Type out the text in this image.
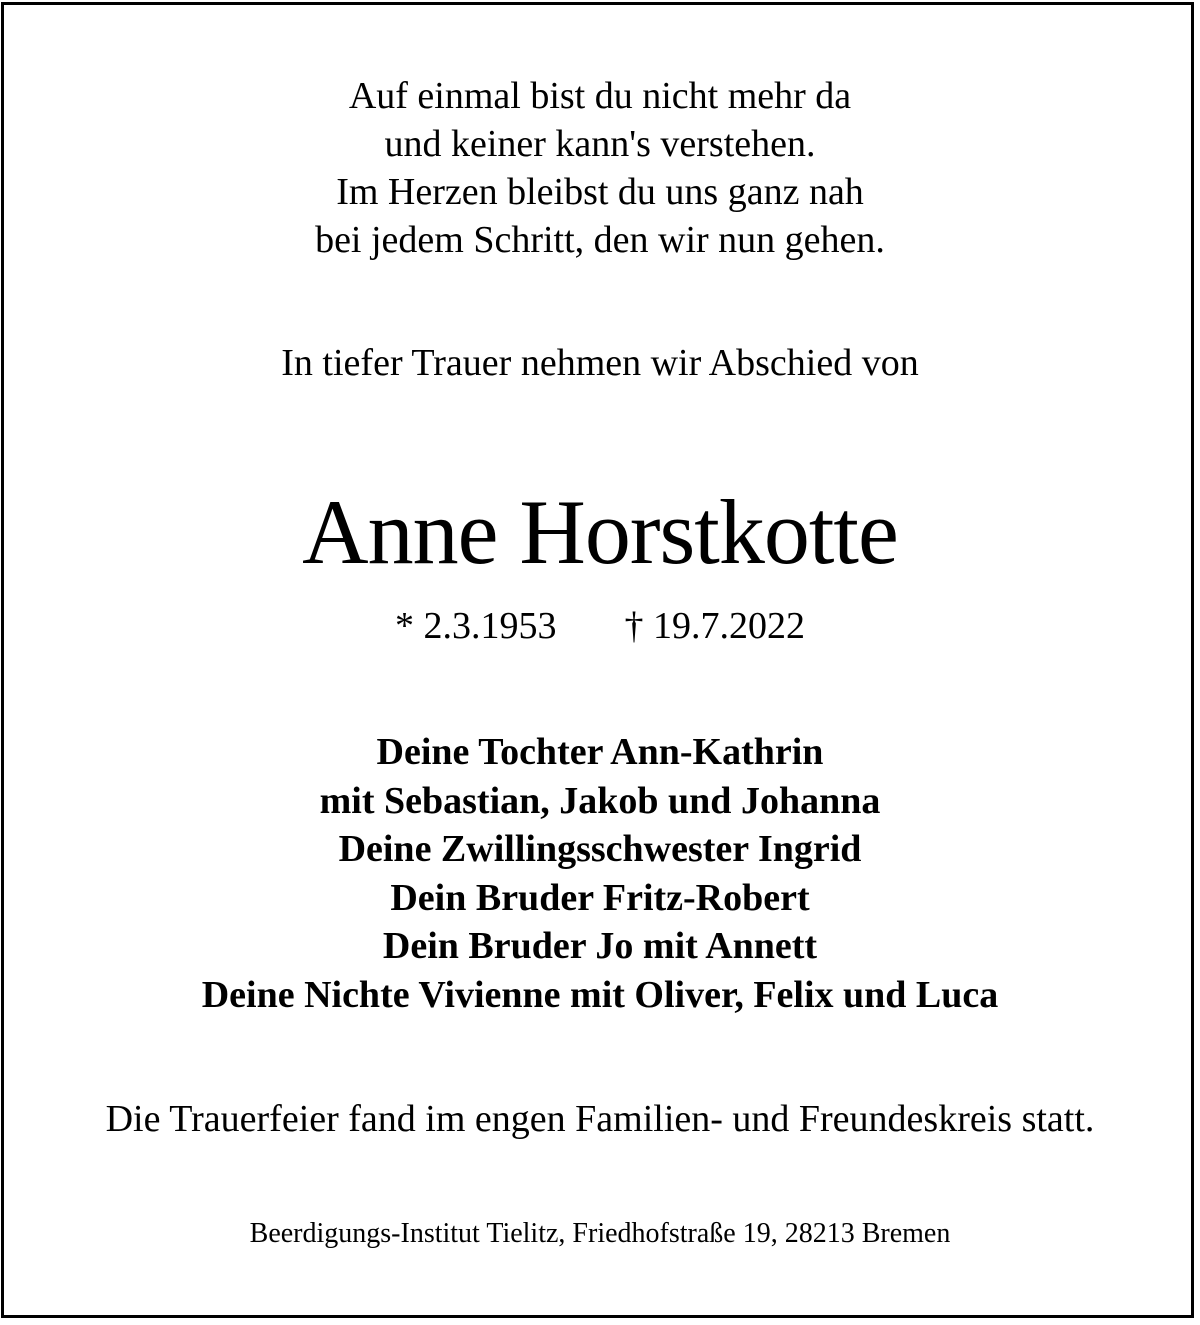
Auf einmal bist du nicht mehr da
und keiner kann's verstehen.
Im Herzen bleibst du uns ganz nah
bei jedem Schritt, den wir nun gehen.

In tiefer Trauer nehmen wir Abschied von

Anne Horstkotte

* 2.3.1953 † 19.7.2022

Deine Tochter Ann-Kathrin
mit Sebastian, Jakob und Johanna
Deine Zwillingsschwester Ingrid
Dein Bruder Fritz-Robert
Dein Bruder Jo mit Annett
Deine Nichte Vivienne mit Oliver, Felix und Luca

Die Trauerfeier fand im engen Familien- und Freundeskreis statt.

Beerdigungs-Institut Tielitz, Friedhofstraße 19, 28213 Bremen
